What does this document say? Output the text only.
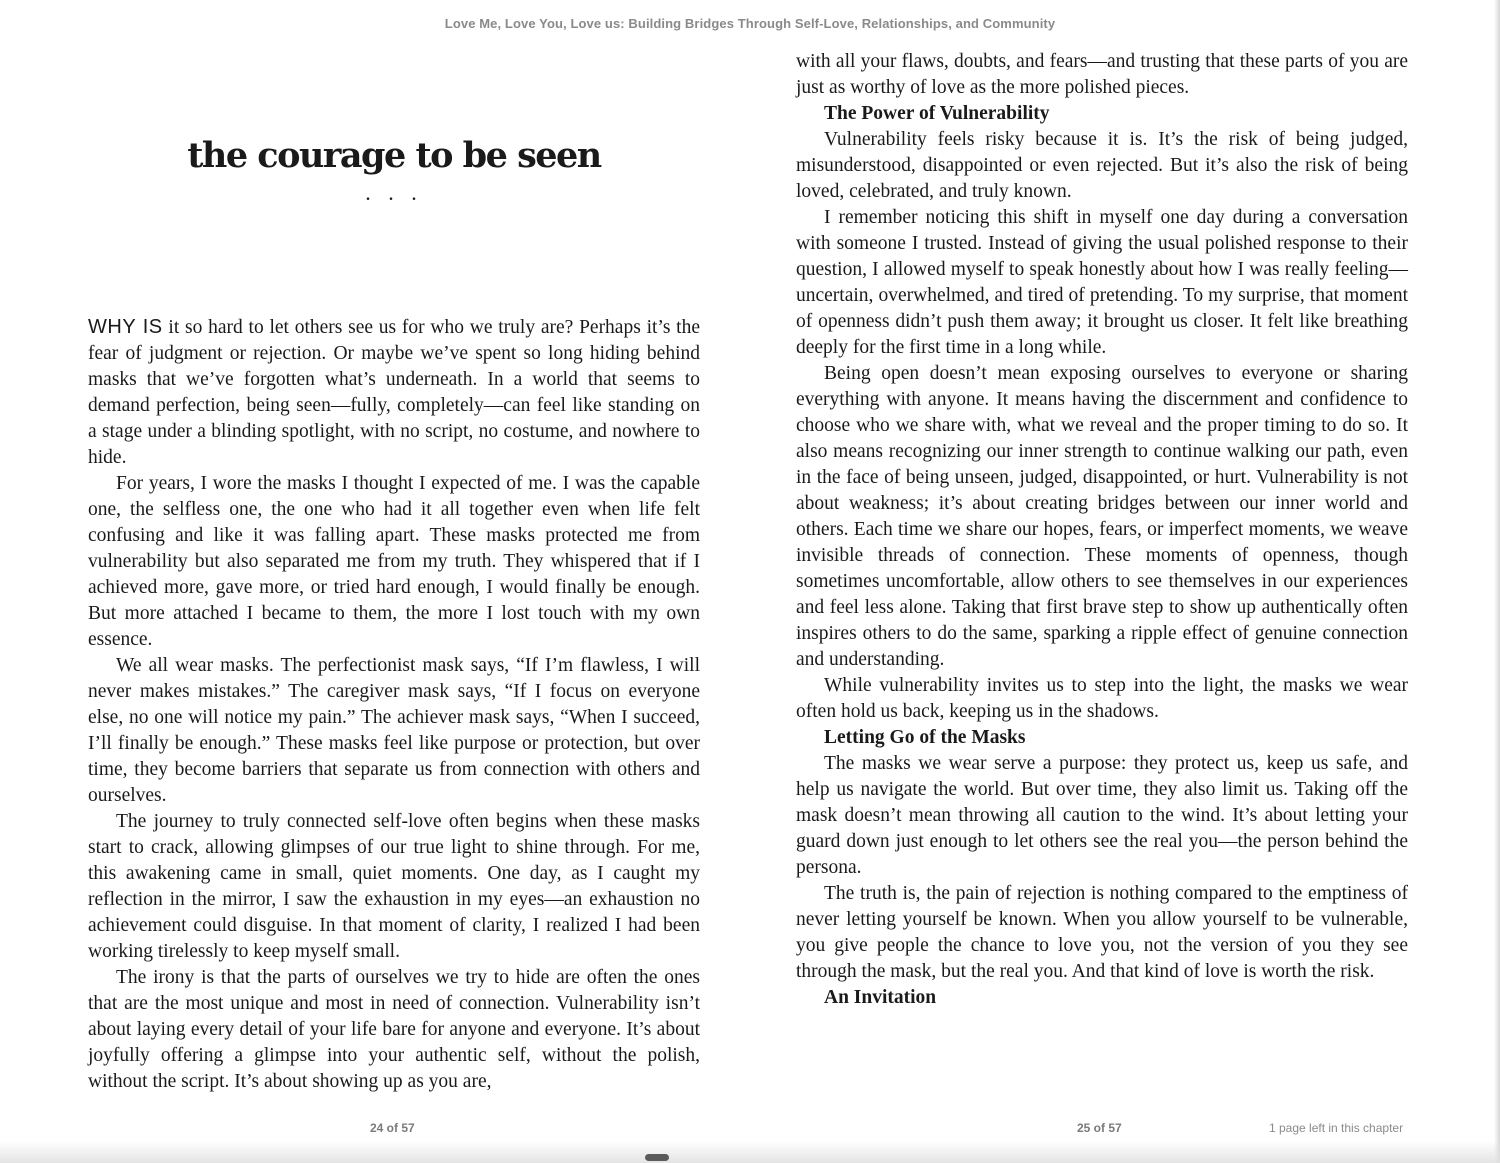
Love Me, Love You, Love us: Building Bridges Through Self-Love, Relationships, and Community
the courage to be seen
. . .

WHY IS it so hard to let others see us for who we truly are? Perhaps it’s the fear of judgment or rejection. Or maybe we’ve spent so long hiding behind masks that we’ve forgotten what’s underneath. In a world that seems to demand perfection, being seen—fully, completely—can feel like standing on a stage under a blinding spotlight, with no script, no costume, and nowhere to hide.

For years, I wore the masks I thought I expected of me. I was the capable one, the selfless one, the one who had it all together even when life felt confusing and like it was falling apart. These masks protected me from vulnerability but also separated me from my truth. They whispered that if I achieved more, gave more, or tried hard enough, I would finally be enough. But more attached I became to them, the more I lost touch with my own essence.

We all wear masks. The perfectionist mask says, “If I’m flawless, I will never makes mistakes.” The caregiver mask says, “If I focus on everyone else, no one will notice my pain.” The achiever mask says, “When I succeed, I’ll finally be enough.” These masks feel like purpose or protection, but over time, they become barriers that separate us from connection with others and ourselves.

The journey to truly connected self-love often begins when these masks start to crack, allowing glimpses of our true light to shine through. For me, this awakening came in small, quiet moments. One day, as I caught my reflection in the mirror, I saw the exhaustion in my eyes—an exhaustion no achievement could disguise. In that moment of clarity, I realized I had been working tirelessly to keep myself small.

The irony is that the parts of ourselves we try to hide are often the ones that are the most unique and most in need of connection. Vulnerability isn’t about laying every detail of your life bare for anyone and everyone. It’s about joyfully offering a glimpse into your authentic self, without the polish, without the script. It’s about showing up as you are,

with all your flaws, doubts, and fears—and trusting that these parts of you are just as worthy of love as the more polished pieces.

The Power of Vulnerability

Vulnerability feels risky because it is. It’s the risk of being judged, misunderstood, disappointed or even rejected. But it’s also the risk of being loved, celebrated, and truly known.

I remember noticing this shift in myself one day during a conversation with someone I trusted. Instead of giving the usual polished response to their question, I allowed myself to speak honestly about how I was really feeling—uncertain, overwhelmed, and tired of pretending. To my surprise, that moment of openness didn’t push them away; it brought us closer. It felt like breathing deeply for the first time in a long while.

Being open doesn’t mean exposing ourselves to everyone or sharing everything with anyone. It means having the discernment and confidence to choose who we share with, what we reveal and the proper timing to do so. It also means recognizing our inner strength to continue walking our path, even in the face of being unseen, judged, disappointed, or hurt. Vulnerability is not about weakness; it’s about creating bridges between our inner world and others. Each time we share our hopes, fears, or imperfect moments, we weave invisible threads of connection. These moments of openness, though sometimes uncomfortable, allow others to see themselves in our experiences and feel less alone. Taking that first brave step to show up authentically often inspires others to do the same, sparking a ripple effect of genuine connection and understanding.

While vulnerability invites us to step into the light, the masks we wear often hold us back, keeping us in the shadows.

Letting Go of the Masks

The masks we wear serve a purpose: they protect us, keep us safe, and help us navigate the world. But over time, they also limit us. Taking off the mask doesn’t mean throwing all caution to the wind. It’s about letting your guard down just enough to let others see the real you—the person behind the persona.

The truth is, the pain of rejection is nothing compared to the emptiness of never letting yourself be known. When you allow yourself to be vulnerable, you give people the chance to love you, not the version of you they see through the mask, but the real you. And that kind of love is worth the risk.

An Invitation

24 of 57	25 of 57	1 page left in this chapter
